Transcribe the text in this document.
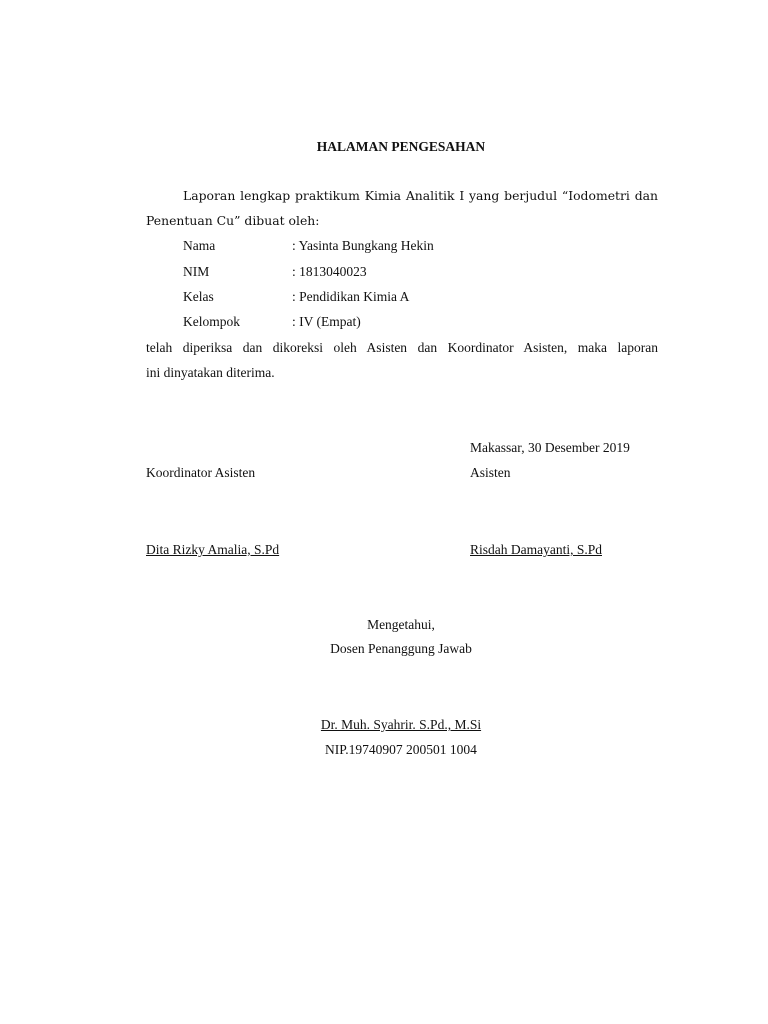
HALAMAN PENGESAHAN
Laporan lengkap praktikum Kimia Analitik I yang berjudul “Iodometri dan
Penentuan Cu” dibuat oleh:
Nama	: Yasinta Bungkang Hekin
NIM	: 1813040023
Kelas	: Pendidikan Kimia A
Kelompok	: IV (Empat)
telah diperiksa dan dikoreksi oleh Asisten dan Koordinator Asisten, maka laporan
ini dinyatakan diterima.
Makassar, 30 Desember 2019
Koordinator Asisten	Asisten
Dita Rizky Amalia, S.Pd	Risdah Damayanti, S.Pd
Mengetahui,
Dosen Penanggung Jawab
Dr. Muh. Syahrir. S.Pd., M.Si
NIP.19740907 200501 1004
